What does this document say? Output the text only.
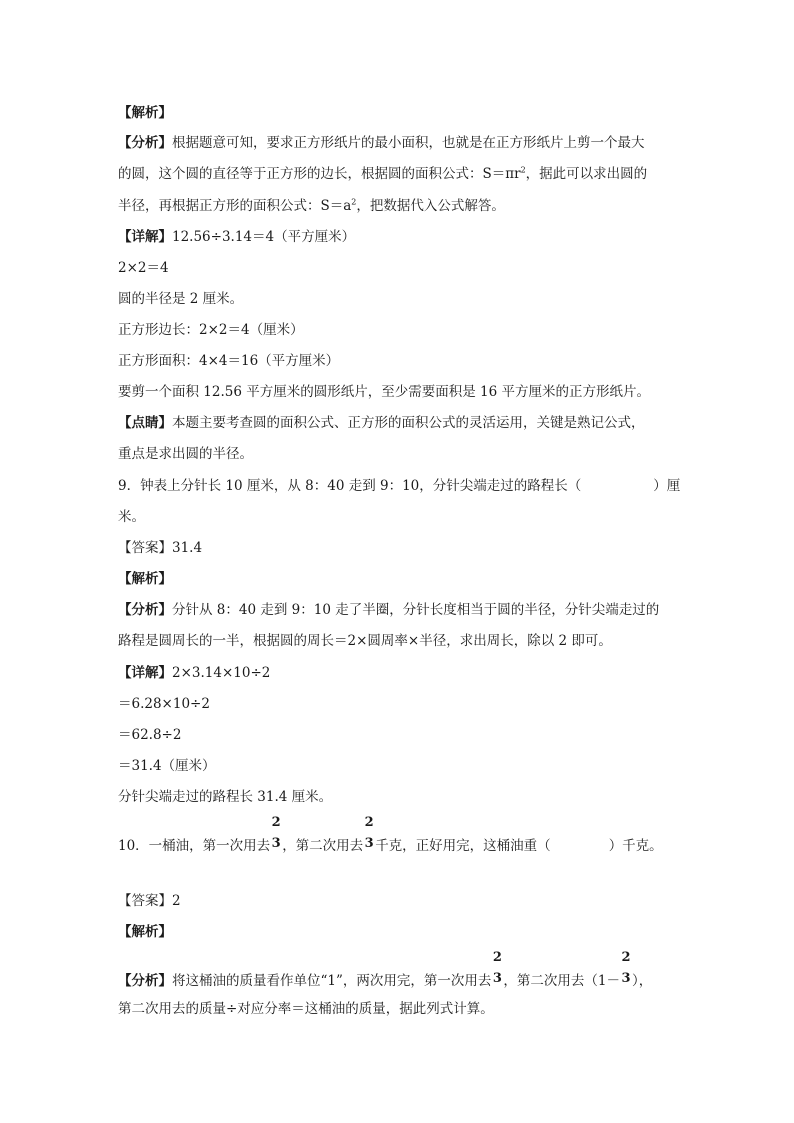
【解析】
【分析】根据题意可知，要求正方形纸片的最小面积，也就是在正方形纸片上剪一个最大
的圆，这个圆的直径等于正方形的边长，根据圆的面积公式：$S=\pi r^2$，据此可以求出圆的
半径，再根据正方形的面积公式：$S=a^2$，把数据代入公式解答。
【详解】12.56÷3.14＝4（平方厘米）
2×2＝4
圆的半径是 2 厘米。
正方形边长：2×2＝4（厘米）
正方形面积：4×4＝16（平方厘米）
要剪一个面积 12.56 平方厘米的圆形纸片，至少需要面积是 16 平方厘米的正方形纸片。
【点睛】本题主要考查圆的面积公式、正方形的面积公式的灵活运用，关键是熟记公式，
重点是求出圆的半径。
9．钟表上分针长 10 厘米，从 8：40 走到 9：10，分针尖端走过的路程长（	）厘
米。
【答案】31.4
【解析】
【分析】分针从 8：40 走到 9：10 走了半圈，分针长度相当于圆的半径，分针尖端走过的
路程是圆周长的一半，根据圆的周长＝2×圆周率×半径，求出周长，除以 2 即可。
【详解】2×3.14×10÷2
＝6.28×10÷2
＝62.8÷2
＝31.4（厘米）
分针尖端走过的路程长 31.4 厘米。
10．一桶油，第一次用去
2
3 ，第二次用去
2
3 千克，正好用完，这桶油重（	）千克。
【答案】2
【解析】
【分析】将这桶油的质量看作单位“1”，两次用完，第一次用去
2
3 ，第二次用去（1－
2
3 ），
第二次用去的质量÷对应分率＝这桶油的质量，据此列式计算。
